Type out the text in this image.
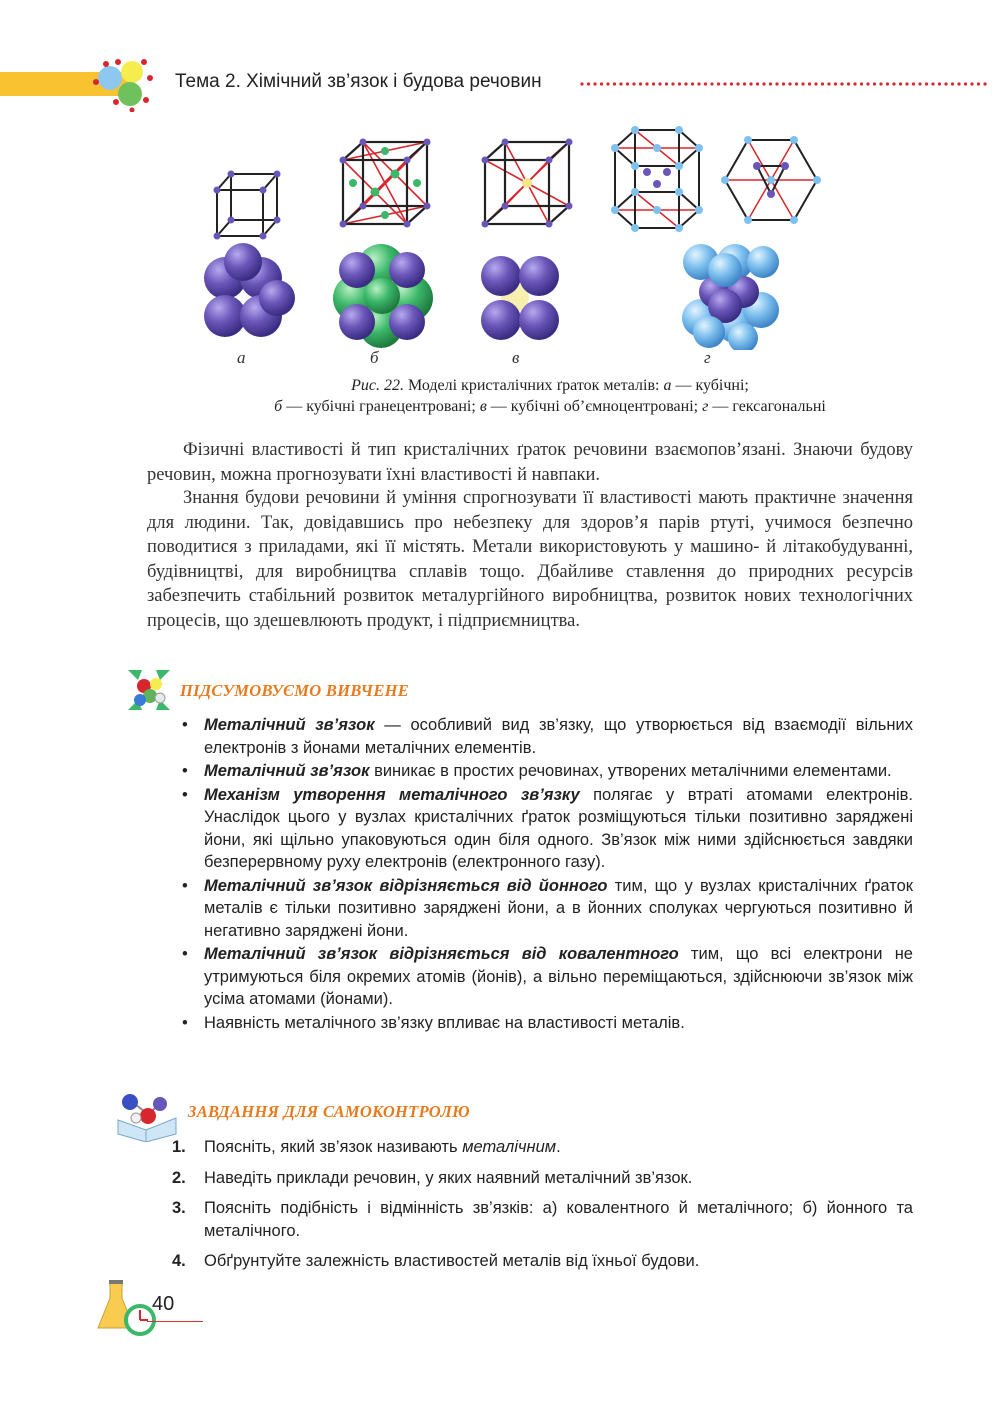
Тема 2. Хімічний зв’язок і будова речовин
а	б	в	г
Рис. 22. Моделі кристалічних ґраток металів: а — кубічні;
б — кубічні гранецентровані; в — кубічні об’ємноцентровані; г — гексагональні

Фізичні властивості й тип кристалічних ґраток речовини взаємопов’язані. Знаючи будову речовин, можна прогнозувати їхні властивості й навпаки.

Знання будови речовини й уміння спрогнозувати її властивості мають практичне значення для людини. Так, довідавшись про небезпеку для здоров’я парів ртуті, учимося безпечно поводитися з приладами, які її містять. Метали використовують у машино- й літакобудуванні, будівництві, для виробництва сплавів тощо. Дбайливе ставлення до природних ресурсів забезпечить стабільний розвиток металургійного виробництва, розвиток нових технологічних процесів, що здешевлюють продукт, і підприємництва.

ПІДСУМОВУЄМО ВИВЧЕНЕ
• Металічний зв’язок — особливий вид зв’язку, що утворюється від взаємодії вільних електронів з йонами металічних елементів.
• Металічний зв’язок виникає в простих речовинах, утворених металічними елементами.
• Механізм утворення металічного зв’язку полягає у втраті атомами електронів. Унаслідок цього у вузлах кристалічних ґраток розміщуються тільки позитивно заряджені йони, які щільно упаковуються один біля одного. Зв’язок між ними здійснюється завдяки безперервному руху електронів (електронного газу).
• Металічний зв’язок відрізняється від йонного тим, що у вузлах кристалічних ґраток металів є тільки позитивно заряджені йони, а в йонних сполуках чергуються позитивно й негативно заряджені йони.
• Металічний зв’язок відрізняється від ковалентного тим, що всі електрони не утримуються біля окремих атомів (йонів), а вільно переміщаються, здійснюючи зв’язок між усіма атомами (йонами).
• Наявність металічного зв’язку впливає на властивості металів.
ЗАВДАННЯ ДЛЯ САМОКОНТРОЛЮ
1. Поясніть, який зв’язок називають металічним.
2. Наведіть приклади речовин, у яких наявний металічний зв’язок.
3. Поясніть подібність і відмінність зв’язків: а) ковалентного й металічного; б) йонного та металічного.
4. Обґрунтуйте залежність властивостей металів від їхньої будови.
40
